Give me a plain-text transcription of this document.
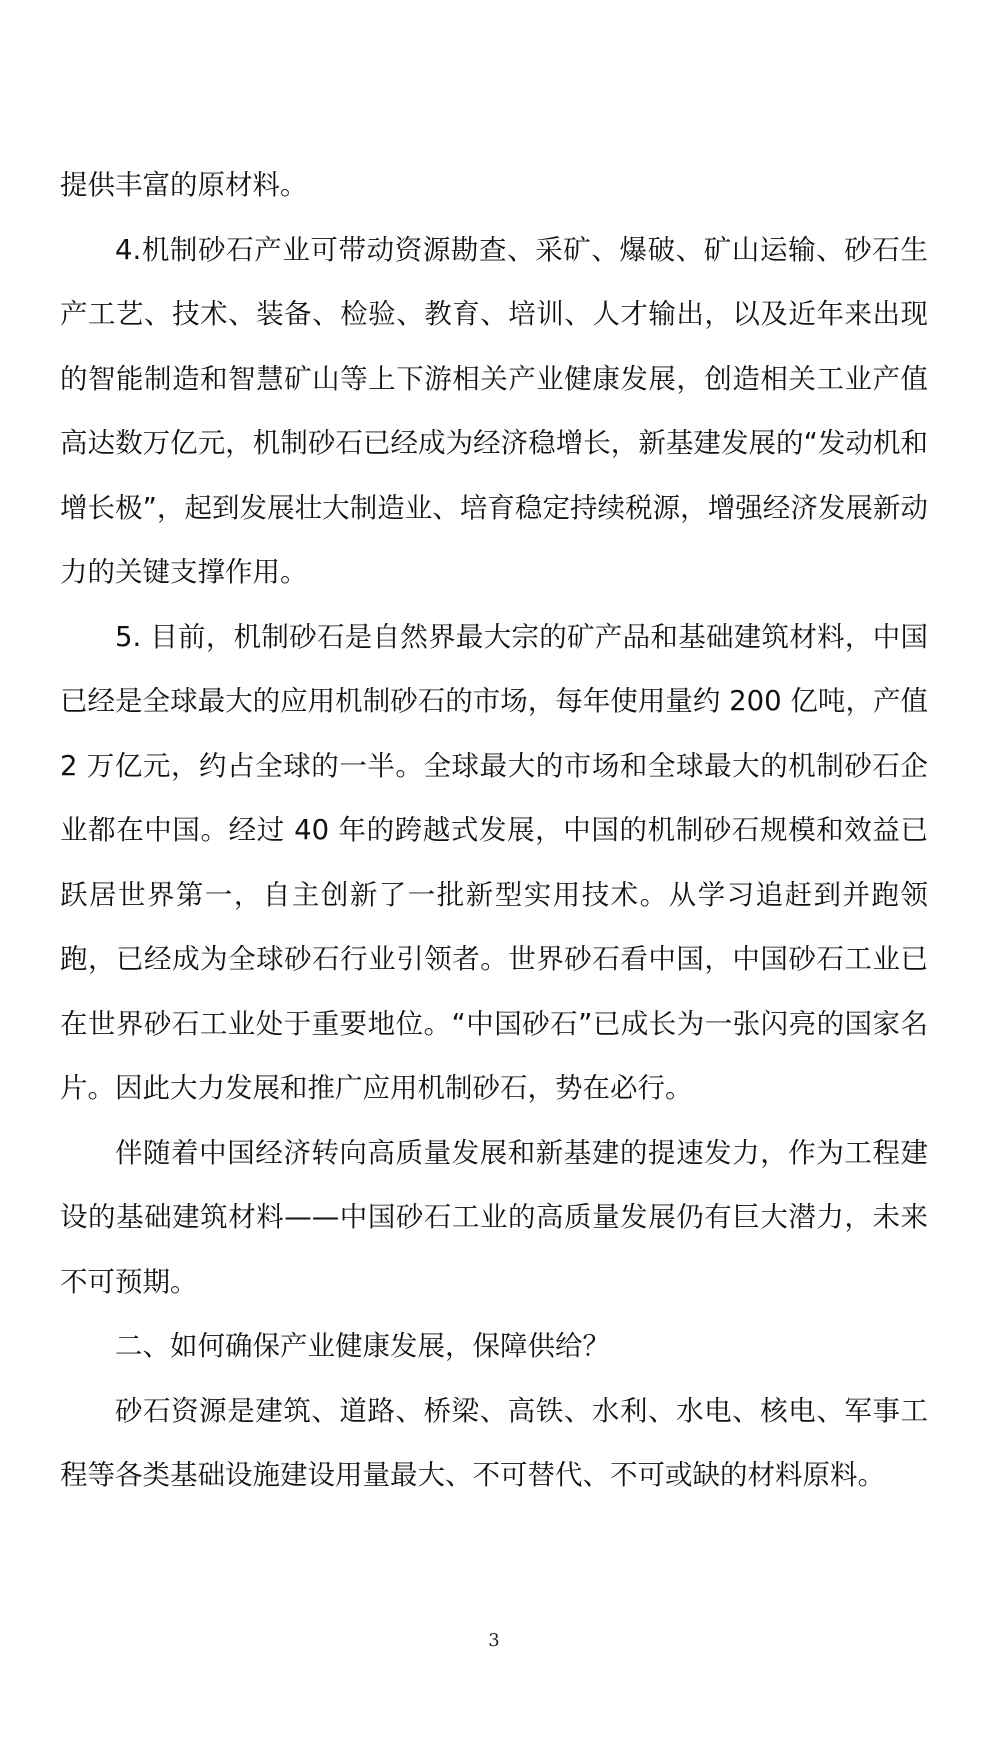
提供丰富的原材料。

4.机制砂石产业可带动资源勘查、采矿、爆破、矿山运输、砂石生产工艺、技术、装备、检验、教育、培训、人才输出，以及近年来出现的智能制造和智慧矿山等上下游相关产业健康发展，创造相关工业产值高达数万亿元，机制砂石已经成为经济稳增长，新基建发展的“发动机和增长极”，起到发展壮大制造业、培育稳定持续税源，增强经济发展新动力的关键支撑作用。

5. 目前，机制砂石是自然界最大宗的矿产品和基础建筑材料，中国已经是全球最大的应用机制砂石的市场，每年使用量约 200 亿吨，产值 2 万亿元，约占全球的一半。全球最大的市场和全球最大的机制砂石企业都在中国。经过 40 年的跨越式发展，中国的机制砂石规模和效益已跃居世界第一，自主创新了一批新型实用技术。从学习追赶到并跑领跑，已经成为全球砂石行业引领者。世界砂石看中国，中国砂石工业已在世界砂石工业处于重要地位。“中国砂石”已成长为一张闪亮的国家名片。因此大力发展和推广应用机制砂石，势在必行。

伴随着中国经济转向高质量发展和新基建的提速发力，作为工程建设的基础建筑材料——中国砂石工业的高质量发展仍有巨大潜力，未来不可预期。

二、如何确保产业健康发展，保障供给？

砂石资源是建筑、道路、桥梁、高铁、水利、水电、核电、军事工程等各类基础设施建设用量最大、不可替代、不可或缺的材料原料。

3
